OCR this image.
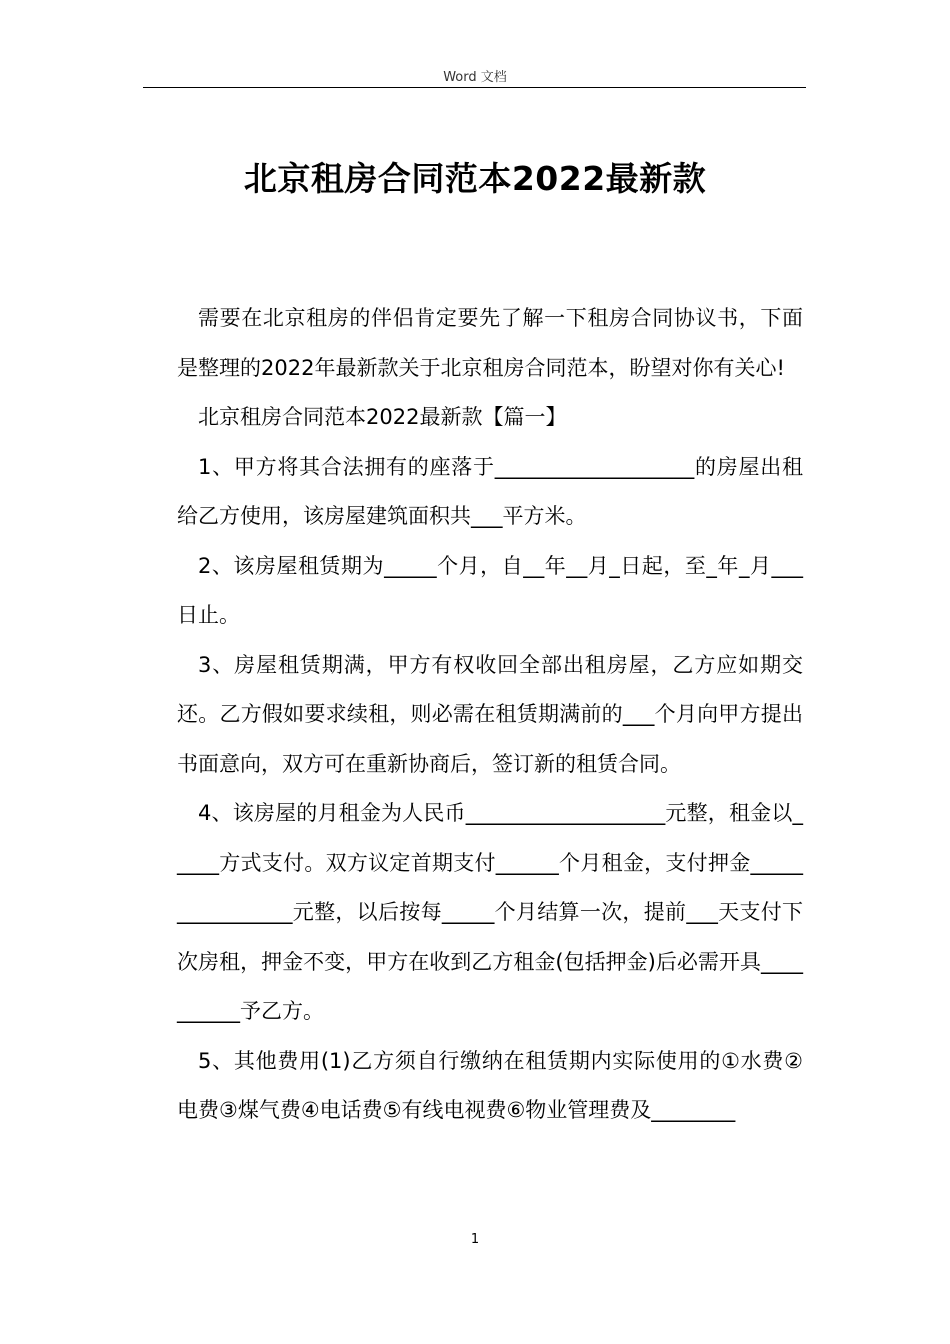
Word 文档
北京租房合同范本2022最新款

需要在北京租房的伴侣肯定要先了解一下租房合同协议书，下面是整理的2022年最新款关于北京租房合同范本，盼望对你有关心!

北京租房合同范本2022最新款【篇一】

1、甲方将其合法拥有的座落于___________________的房屋出租给乙方使用，该房屋建筑面积共___平方米。

2、该房屋租赁期为_____个月，自__年__月_日起，至_年_月___日止。

3、房屋租赁期满，甲方有权收回全部出租房屋，乙方应如期交还。乙方假如要求续租，则必需在租赁期满前的___个月向甲方提出书面意向，双方可在重新协商后，签订新的租赁合同。

4、该房屋的月租金为人民币___________________元整，租金以_____方式支付。双方议定首期支付______个月租金，支付押金________________元整，以后按每_____个月结算一次，提前___天支付下次房租，押金不变，甲方在收到乙方租金(包括押金)后必需开具__________予乙方。

5、其他费用(1)乙方须自行缴纳在租赁期内实际使用的①水费②电费③煤气费④电话费⑤有线电视费⑥物业管理费及________

1
